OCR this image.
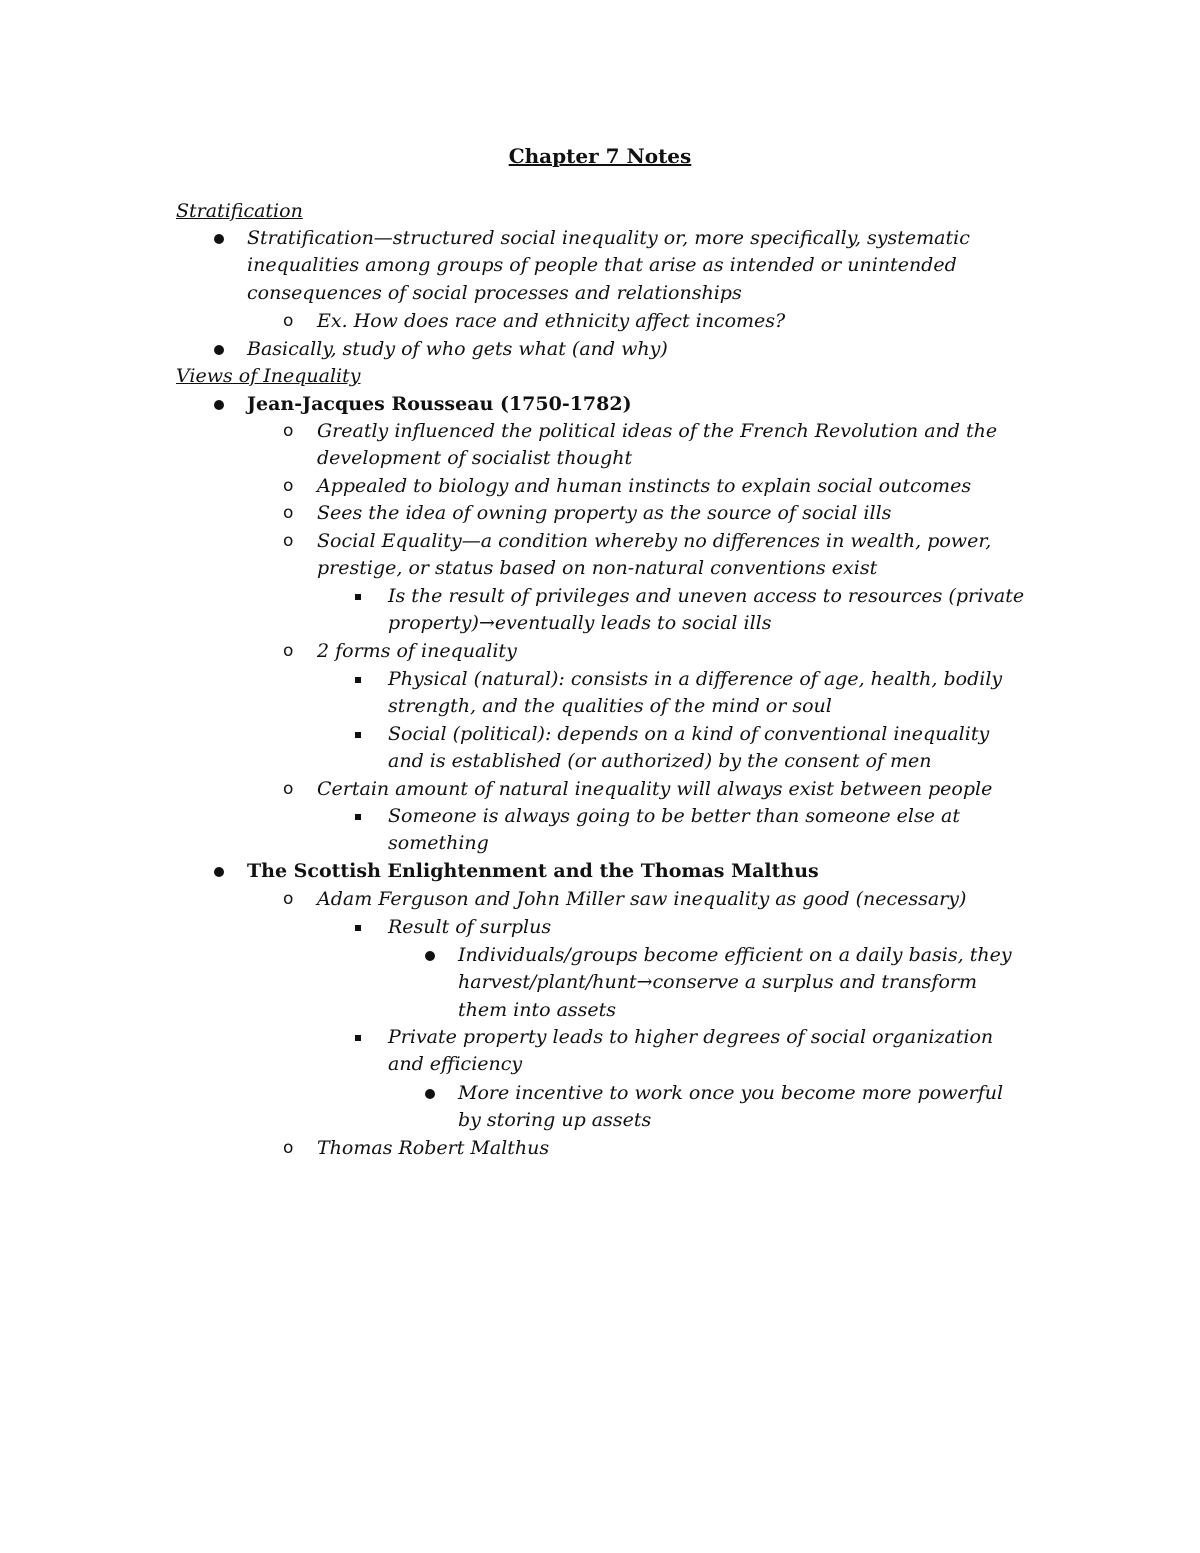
Chapter 7 Notes
Stratification
Stratification—structured social inequality or, more specifically, systematic inequalities among groups of people that arise as intended or unintended consequences of social processes and relationships
o Ex. How does race and ethnicity affect incomes?
Basically, study of who gets what (and why)
Views of Inequality
Jean-Jacques Rousseau (1750-1782)
o Greatly influenced the political ideas of the French Revolution and the development of socialist thought
o Appealed to biology and human instincts to explain social outcomes
o Sees the idea of owning property as the source of social ills
o Social Equality—a condition whereby no differences in wealth, power, prestige, or status based on non-natural conventions exist
Is the result of privileges and uneven access to resources (private property)→eventually leads to social ills
o 2 forms of inequality
Physical (natural): consists in a difference of age, health, bodily strength, and the qualities of the mind or soul
Social (political): depends on a kind of conventional inequality and is established (or authorized) by the consent of men
o Certain amount of natural inequality will always exist between people
Someone is always going to be better than someone else at something
The Scottish Enlightenment and the Thomas Malthus
o Adam Ferguson and John Miller saw inequality as good (necessary)
Result of surplus
Individuals/groups become efficient on a daily basis, they harvest/plant/hunt→conserve a surplus and transform them into assets
Private property leads to higher degrees of social organization and efficiency
More incentive to work once you become more powerful by storing up assets
o Thomas Robert Malthus
